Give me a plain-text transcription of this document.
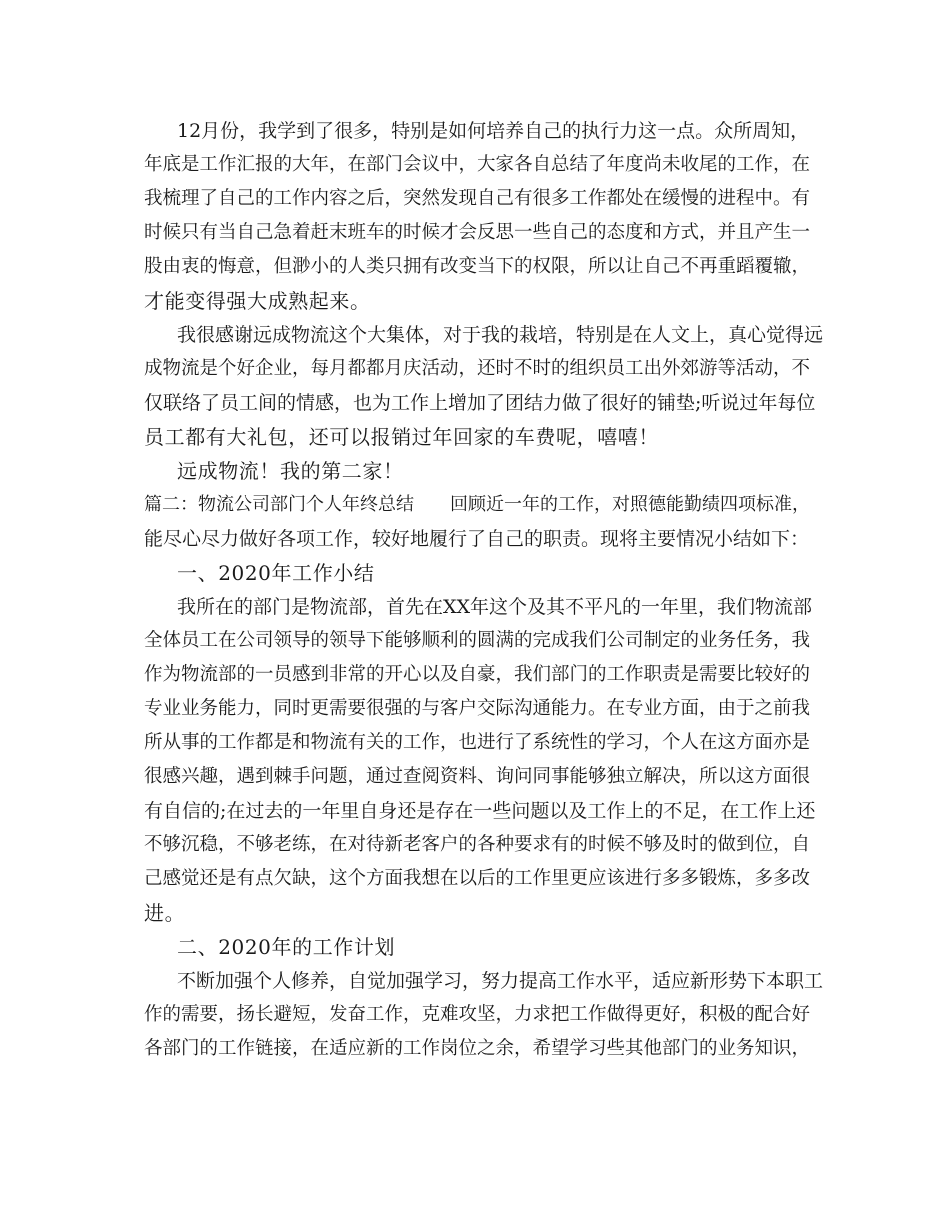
12月份，我学到了很多，特别是如何培养自己的执行力这一点。众所周知，
年底是工作汇报的大年，在部门会议中，大家各自总结了年度尚未收尾的工作，在
我梳理了自己的工作内容之后，突然发现自己有很多工作都处在缓慢的进程中。有
时候只有当自己急着赶末班车的时候才会反思一些自己的态度和方式，并且产生一
股由衷的悔意，但渺小的人类只拥有改变当下的权限，所以让自己不再重蹈覆辙，
才能变得强大成熟起来。
我很感谢远成物流这个大集体，对于我的栽培，特别是在人文上，真心觉得远
成物流是个好企业，每月都都月庆活动，还时不时的组织员工出外郊游等活动，不
仅联络了员工间的情感，也为工作上增加了团结力做了很好的铺垫;听说过年每位
员工都有大礼包，还可以报销过年回家的车费呢，嘻嘻！
远成物流！我的第二家！
篇二：物流公司部门个人年终总结　　回顾近一年的工作，对照德能勤绩四项标准，
能尽心尽力做好各项工作，较好地履行了自己的职责。现将主要情况小结如下：
一、2020年工作小结
我所在的部门是物流部，首先在XX年这个及其不平凡的一年里，我们物流部
全体员工在公司领导的领导下能够顺利的圆满的完成我们公司制定的业务任务，我
作为物流部的一员感到非常的开心以及自豪，我们部门的工作职责是需要比较好的
专业业务能力，同时更需要很强的与客户交际沟通能力。在专业方面，由于之前我
所从事的工作都是和物流有关的工作，也进行了系统性的学习，个人在这方面亦是
很感兴趣，遇到棘手问题，通过查阅资料、询问同事能够独立解决，所以这方面很
有自信的;在过去的一年里自身还是存在一些问题以及工作上的不足，在工作上还
不够沉稳，不够老练，在对待新老客户的各种要求有的时候不够及时的做到位，自
己感觉还是有点欠缺，这个方面我想在以后的工作里更应该进行多多锻炼，多多改
进。
二、2020年的工作计划
不断加强个人修养，自觉加强学习，努力提高工作水平，适应新形势下本职工
作的需要，扬长避短，发奋工作，克难攻坚，力求把工作做得更好，积极的配合好
各部门的工作链接，在适应新的工作岗位之余，希望学习些其他部门的业务知识，
